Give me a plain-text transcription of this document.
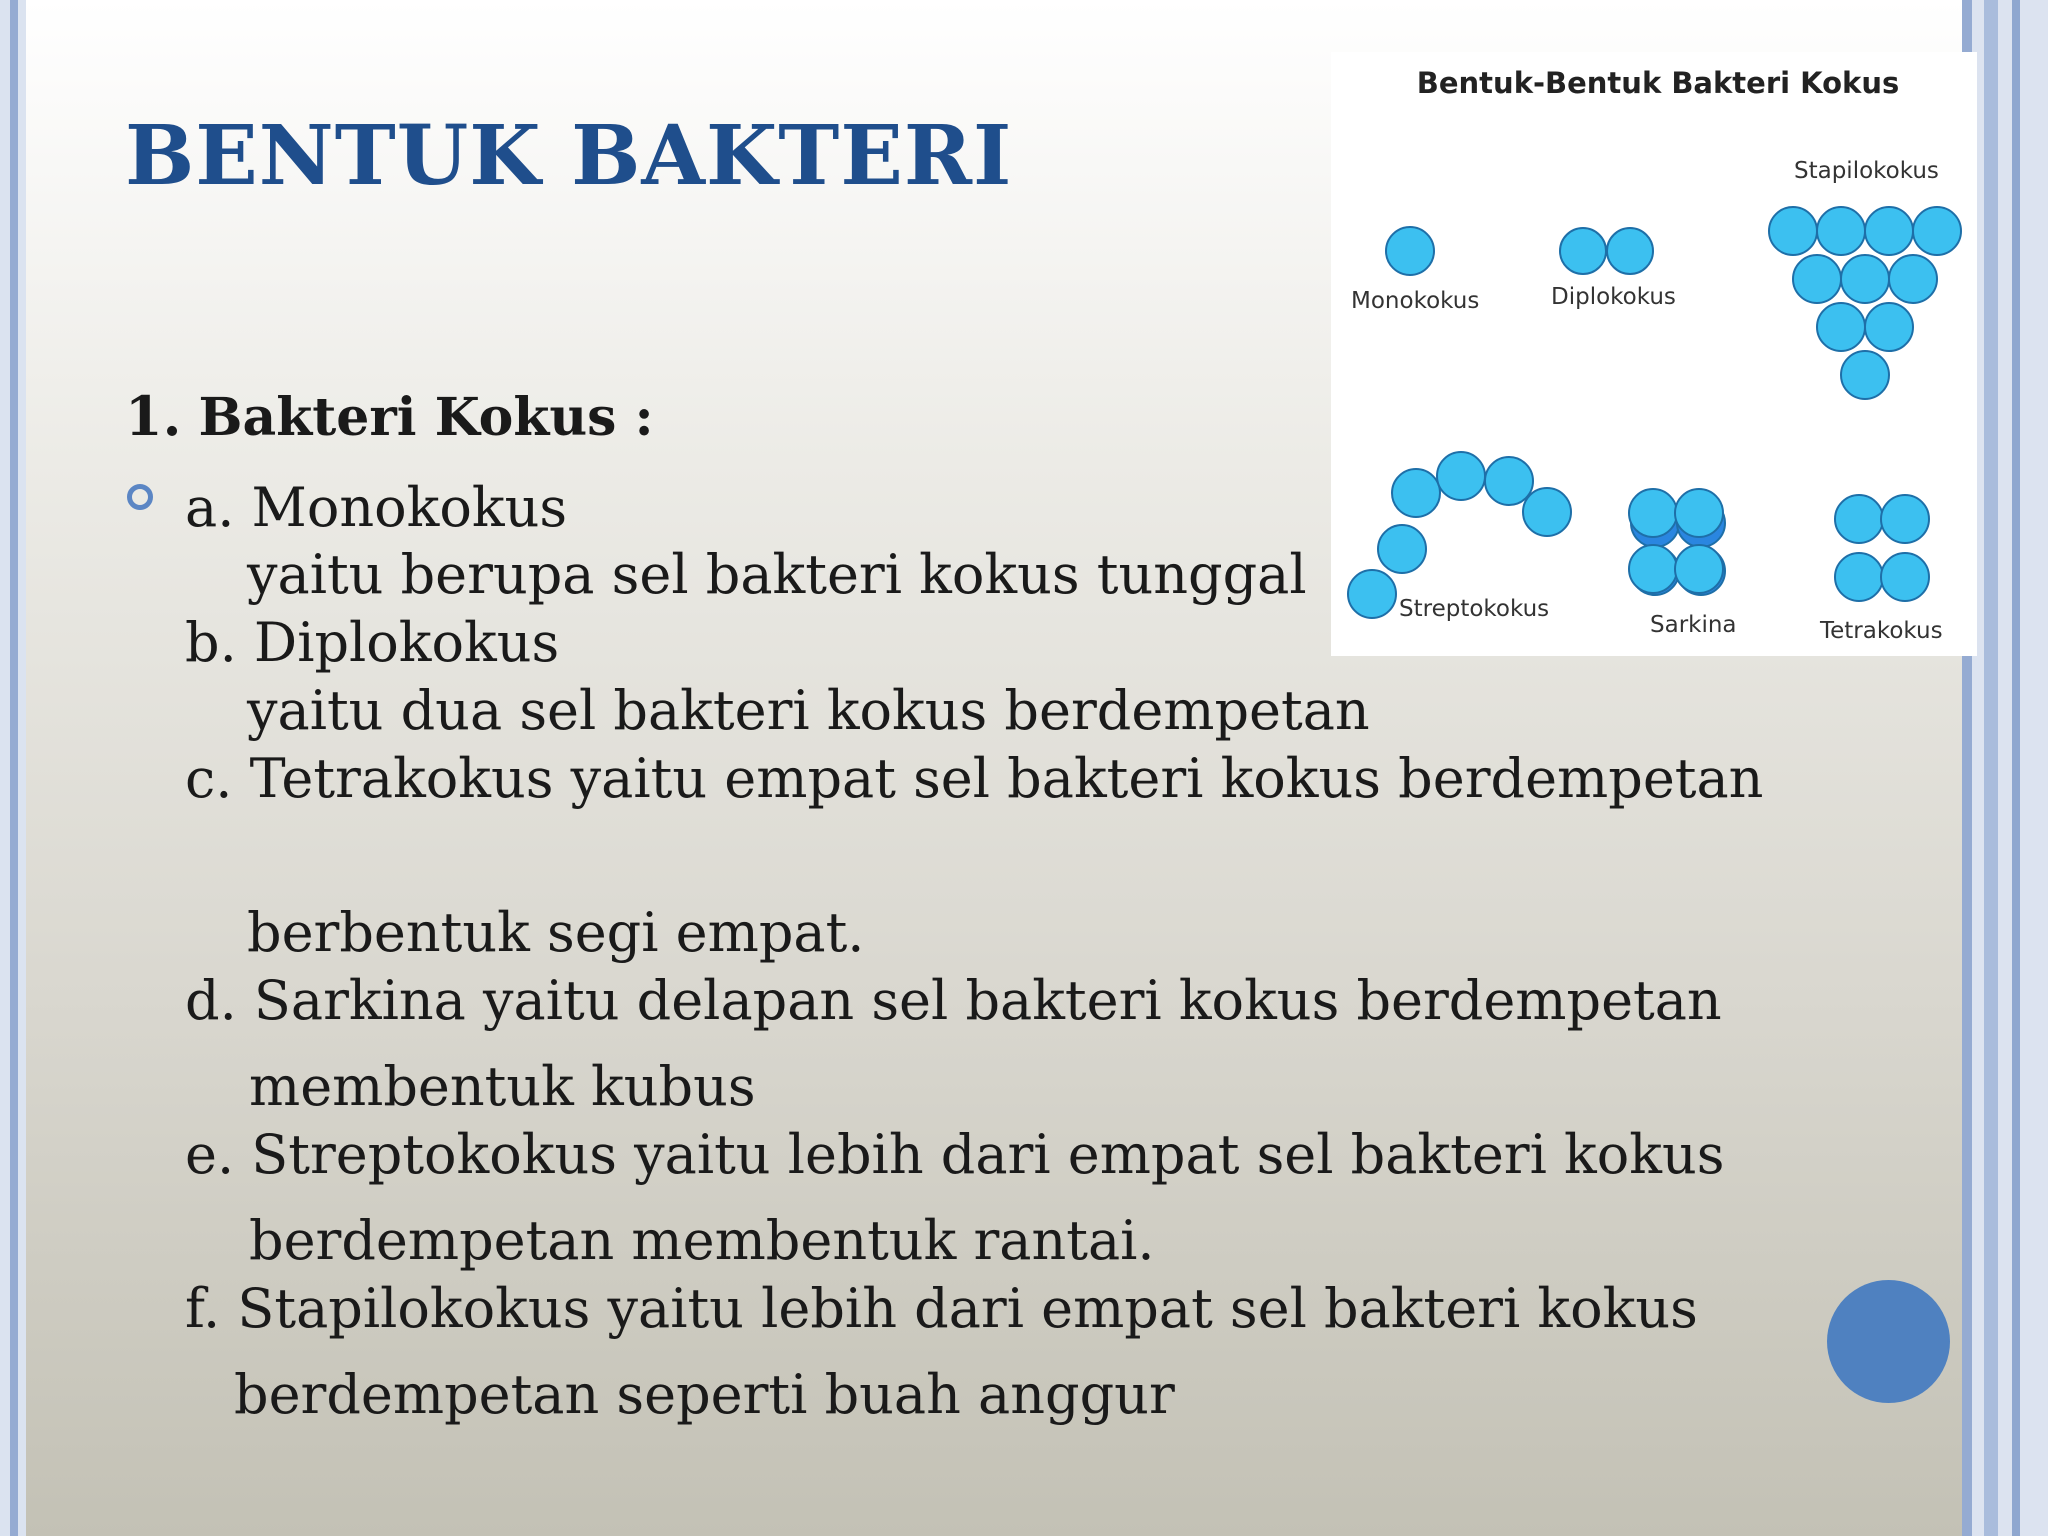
BENTUK BAKTERI
1. Bakteri Kokus :

a. Monokokus

yaitu berupa sel bakteri kokus tunggal

b. Diplokokus

yaitu dua sel bakteri kokus berdempetan

c. Tetrakokus yaitu empat sel bakteri kokus berdempetan

berbentuk segi empat.

d. Sarkina yaitu delapan sel bakteri kokus berdempetan

membentuk kubus

e. Streptokokus yaitu lebih dari empat sel bakteri kokus

berdempetan membentuk rantai.

f. Stapilokokus yaitu lebih dari empat sel bakteri kokus

berdempetan seperti buah anggur

Bentuk-Bentuk Bakteri Kokus
Monokokus	Diplokokus
Stapilokokus
Streptokokus
Sarkina	Tetrakokus
